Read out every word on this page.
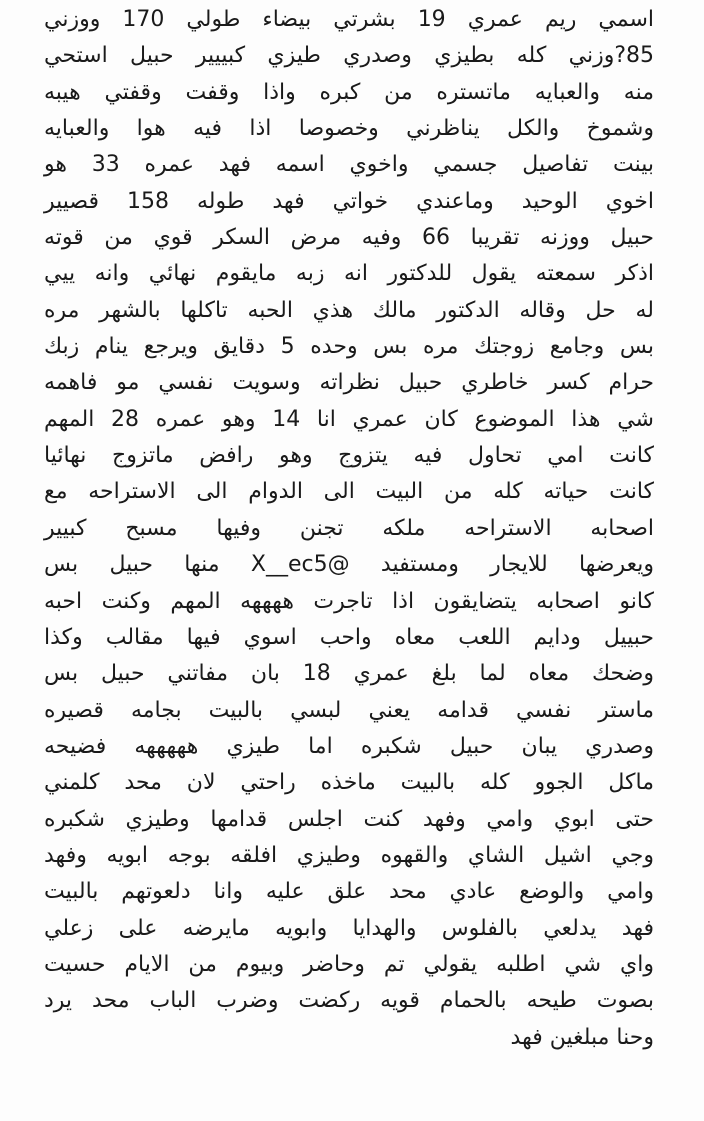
اسمي ريم عمري 19 بشرتي بيضاء طولي 170 ووزني
85?وزني كله بطيزي وصدري طيزي كبييير حبيل استحي
منه والعبايه ماتستره من كبره واذا وقفت وقفتي هيبه
وشموخ والكل يناظرني وخصوصا اذا فيه هوا والعبايه
بينت تفاصيل جسمي واخوي اسمه فهد عمره 33 هو
اخوي الوحيد وماعندي خواتي فهد طوله 158 قصيير
حبيل ووزنه تقريبا 66 وفيه مرض السكر قوي من قوته
اذكر سمعته يقول للدكتور انه زبه مايقوم نهائي وانه ييي
له حل وقاله الدكتور مالك هذي الحبه تاكلها بالشهر مره
بس وجامع زوجتك مره بس وحده 5 دقايق ويرجع ينام زبك
حرام كسر خاطري حبيل نظراته وسويت نفسي مو فاهمه
شي هذا الموضوع كان عمري انا 14 وهو عمره 28 المهم
كانت امي تحاول فيه يتزوج وهو رافض ماتزوج نهائيا
كانت حياته كله من البيت الى الدوام الى الاستراحه مع
اصحابه الاستراحه ملكه تجنن وفيها مسبح كبيير
ويعرضها للايجار ومستفيد @X__ec5 منها حبيل بس
كانو اصحابه يتضايقون اذا تاجرت ههههه المهم وكنت احبه
حبييل ودايم اللعب معاه واحب اسوي فيها مقالب وكذا
وضحك معاه لما بلغ عمري 18 بان مفاتني حبيل بس
ماستر نفسي قدامه يعني لبسي بالبيت بجامه قصيره
وصدري يبان حبيل شكبره اما طيزي هههههه فضيحه
ماكل الجوو كله بالبيت ماخذه راحتي لان محد كلمني
حتى ابوي وامي وفهد كنت اجلس قدامها وطيزي شكبره
وجي اشيل الشاي والقهوه وطيزي افلقه بوجه ابويه وفهد
وامي والوضع عادي محد علق عليه وانا دلعوتهم بالبيت
فهد يدلعي بالفلوس والهدايا وابويه مايرضه على زعلي
واي شي اطلبه يقولي تم وحاضر وبيوم من الايام حسيت
بصوت طيحه بالحمام قويه ركضت وضرب الباب محد يرد
وحنا مبلغين فهد
